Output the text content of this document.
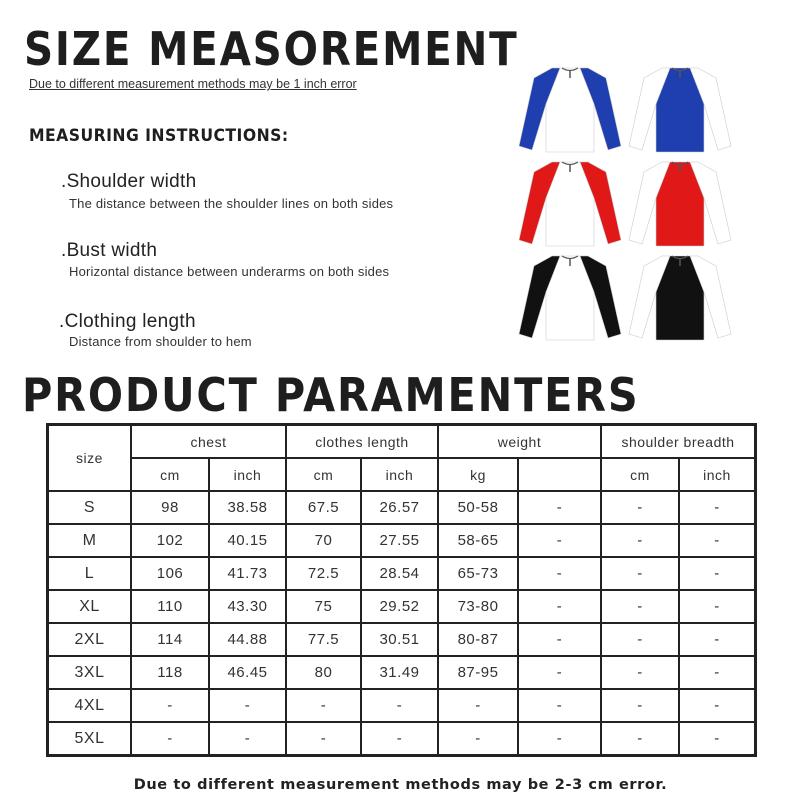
SIZE MEASOREMENT
Due to different measurement methods may be 1 inch error
MEASURING INSTRUCTIONS:
.Shoulder width
The distance between the shoulder lines on both sides
.Bust width
Horizontal distance between underarms on both sides
.Clothing length
Distance from shoulder to hem
PRODUCT PARAMENTERS
size	chest		clothes length		weight		shoulder breadth	
	cm	inch	cm	inch	kg		cm	inch
S	98	38.58	67.5	26.57	50-58	-	-	-
M	102	40.15	70	27.55	58-65	-	-	-
L	106	41.73	72.5	28.54	65-73	-	-	-
XL	110	43.30	75	29.52	73-80	-	-	-
2XL	114	44.88	77.5	30.51	80-87	-	-	-
3XL	118	46.45	80	31.49	87-95	-	-	-
4XL	-	-	-	-	-	-	-	-
5XL	-	-	-	-	-	-	-	-
Due to different measurement methods may be 2-3 cm error.
